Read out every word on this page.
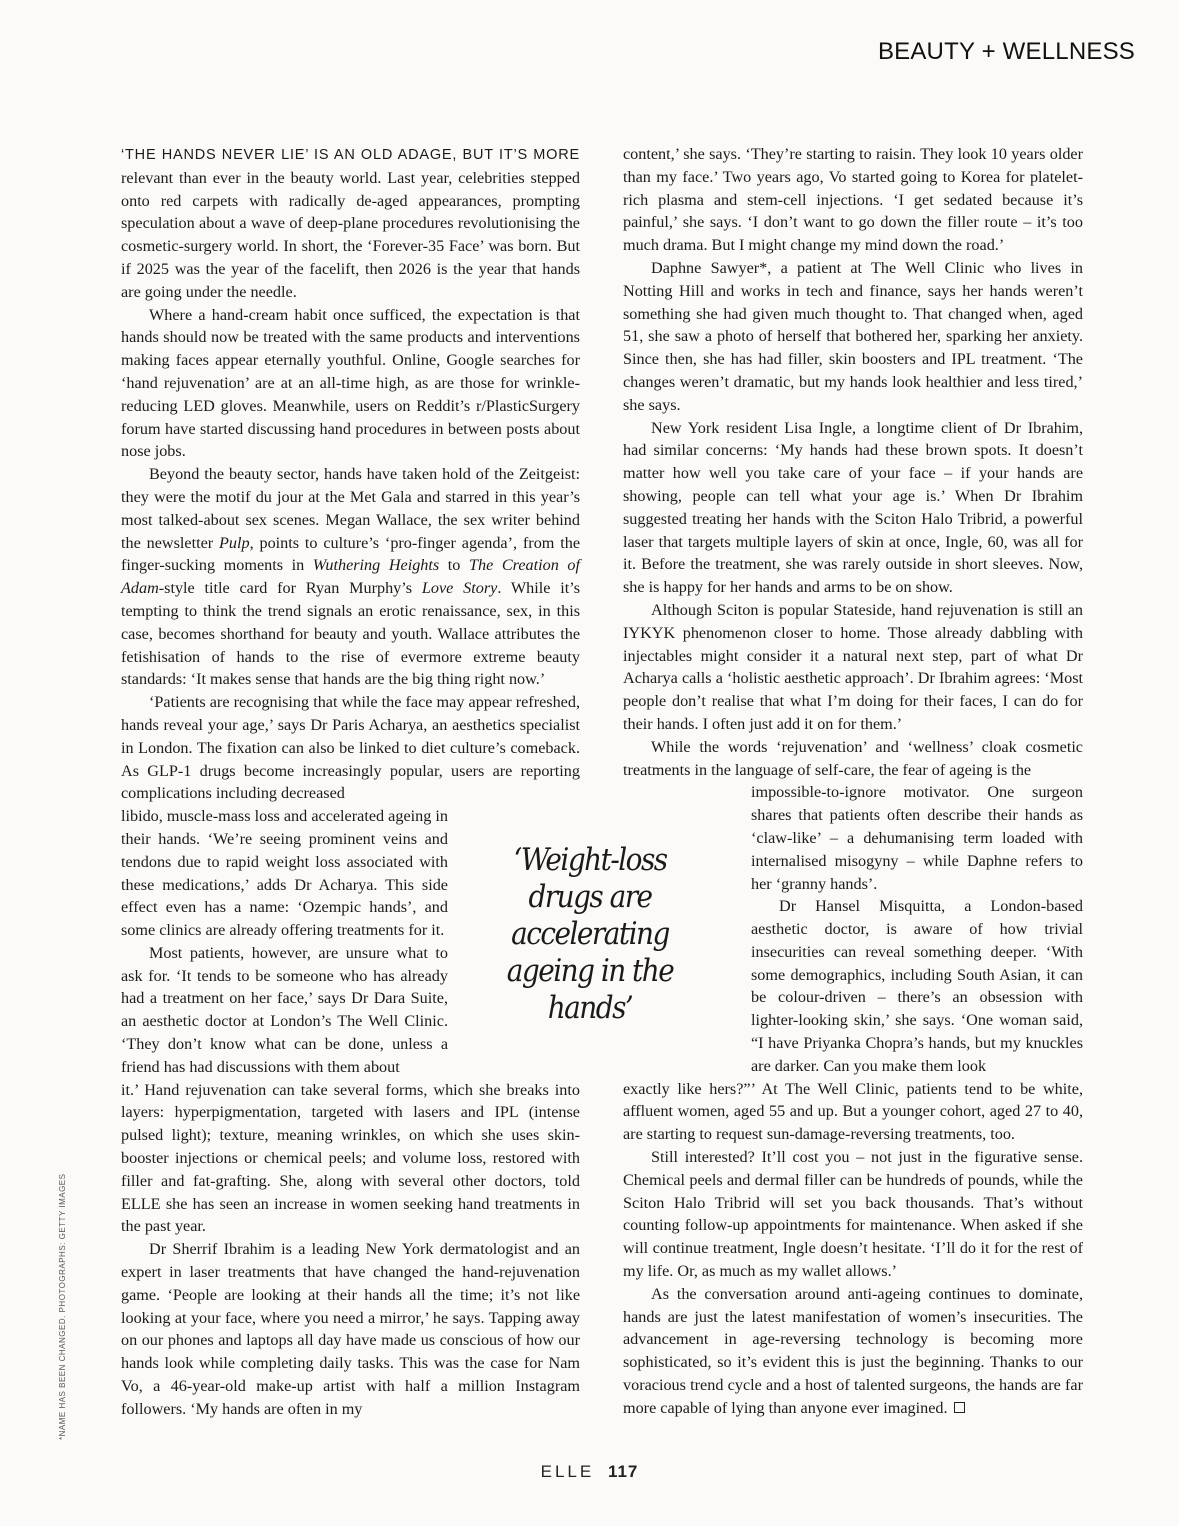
BEAUTY + WELLNESS

‘THE HANDS NEVER LIE’ IS AN OLD ADAGE, BUT IT’S MORE relevant than ever in the beauty world. Last year, celebrities stepped onto red carpets with radically de-aged appearances, prompting speculation about a wave of deep-plane procedures revolutionising the cosmetic-surgery world. In short, the ‘Forever-35 Face’ was born. But if 2025 was the year of the facelift, then 2026 is the year that hands are going under the needle.

Where a hand-cream habit once sufficed, the expectation is that hands should now be treated with the same products and interventions making faces appear eternally youthful. Online, Google searches for ‘hand rejuvenation’ are at an all-time high, as are those for wrinkle-reducing LED gloves. Meanwhile, users on Reddit’s r/PlasticSurgery forum have started discussing hand procedures in between posts about nose jobs.

Beyond the beauty sector, hands have taken hold of the Zeitgeist: they were the motif du jour at the Met Gala and starred in this year’s most talked-about sex scenes. Megan Wallace, the sex writer behind the newsletter Pulp, points to culture’s ‘pro-finger agenda’, from the finger-sucking moments in Wuthering Heights to The Creation of Adam-style title card for Ryan Murphy’s Love Story. While it’s tempting to think the trend signals an erotic renaissance, sex, in this case, becomes shorthand for beauty and youth. Wallace attributes the fetishisation of hands to the rise of evermore extreme beauty standards: ‘It makes sense that hands are the big thing right now.’

‘Patients are recognising that while the face may appear refreshed, hands reveal your age,’ says Dr Paris Acharya, an aesthetics specialist in London. The fixation can also be linked to diet culture’s comeback. As GLP-1 drugs become increasingly popular, users are reporting complications including decreased

libido, muscle-mass loss and accelerated ageing in their hands. ‘We’re seeing prominent veins and tendons due to rapid weight loss associated with these medications,’ adds Dr Acharya. This side effect even has a name: ‘Ozempic hands’, and some clinics are already offering treatments for it.

Most patients, however, are unsure what to ask for. ‘It tends to be someone who has already had a treatment on her face,’ says Dr Dara Suite, an aesthetic doctor at London’s The Well Clinic. ‘They don’t know what can be done, unless a friend has had discussions with them about

it.’ Hand rejuvenation can take several forms, which she breaks into layers: hyperpigmentation, targeted with lasers and IPL (intense pulsed light); texture, meaning wrinkles, on which she uses skin-booster injections or chemical peels; and volume loss, restored with filler and fat-grafting. She, along with several other doctors, told ELLE she has seen an increase in women seeking hand treatments in the past year.

Dr Sherrif Ibrahim is a leading New York dermatologist and an expert in laser treatments that have changed the hand-rejuvenation game. ‘People are looking at their hands all the time; it’s not like looking at your face, where you need a mirror,’ he says. Tapping away on our phones and laptops all day have made us conscious of how our hands look while completing daily tasks. This was the case for Nam Vo, a 46-year-old make-up artist with half a million Instagram followers. ‘My hands are often in my

content,’ she says. ‘They’re starting to raisin. They look 10 years older than my face.’ Two years ago, Vo started going to Korea for platelet-rich plasma and stem-cell injections. ‘I get sedated because it’s painful,’ she says. ‘I don’t want to go down the filler route – it’s too much drama. But I might change my mind down the road.’

Daphne Sawyer*, a patient at The Well Clinic who lives in Notting Hill and works in tech and finance, says her hands weren’t something she had given much thought to. That changed when, aged 51, she saw a photo of herself that bothered her, sparking her anxiety. Since then, she has had filler, skin boosters and IPL treatment. ‘The changes weren’t dramatic, but my hands look healthier and less tired,’ she says.

New York resident Lisa Ingle, a longtime client of Dr Ibrahim, had similar concerns: ‘My hands had these brown spots. It doesn’t matter how well you take care of your face – if your hands are showing, people can tell what your age is.’ When Dr Ibrahim suggested treating her hands with the Sciton Halo Tribrid, a powerful laser that targets multiple layers of skin at once, Ingle, 60, was all for it. Before the treatment, she was rarely outside in short sleeves. Now, she is happy for her hands and arms to be on show.

Although Sciton is popular Stateside, hand rejuvenation is still an IYKYK phenomenon closer to home. Those already dabbling with injectables might consider it a natural next step, part of what Dr Acharya calls a ‘holistic aesthetic approach’. Dr Ibrahim agrees: ‘Most people don’t realise that what I’m doing for their faces, I can do for their hands. I often just add it on for them.’

While the words ‘rejuvenation’ and ‘wellness’ cloak cosmetic treatments in the language of self-care, the fear of ageing is the

impossible-to-ignore motivator. One surgeon shares that patients often describe their hands as ‘claw-like’ – a dehumanising term loaded with internalised misogyny – while Daphne refers to her ‘granny hands’.

Dr Hansel Misquitta, a London-based aesthetic doctor, is aware of how trivial insecurities can reveal something deeper. ‘With some demographics, including South Asian, it can be colour-driven – there’s an obsession with lighter-looking skin,’ she says. ‘One woman said, “I have Priyanka Chopra’s hands, but my knuckles are darker. Can you make them look

exactly like hers?”’ At The Well Clinic, patients tend to be white, affluent women, aged 55 and up. But a younger cohort, aged 27 to 40, are starting to request sun-damage-reversing treatments, too.

Still interested? It’ll cost you – not just in the figurative sense. Chemical peels and dermal filler can be hundreds of pounds, while the Sciton Halo Tribrid will set you back thousands. That’s without counting follow-up appointments for maintenance. When asked if she will continue treatment, Ingle doesn’t hesitate. ‘I’ll do it for the rest of my life. Or, as much as my wallet allows.’

As the conversation around anti-ageing continues to dominate, hands are just the latest manifestation of women’s insecurities. The advancement in age-reversing technology is becoming more sophisticated, so it’s evident this is just the beginning. Thanks to our voracious trend cycle and a host of talented surgeons, the hands are far more capable of lying than anyone ever imagined.

‘Weight-loss drugs are accelerating ageing in the hands’
*NAME HAS BEEN CHANGED. PHOTOGRAPHS: GETTY IMAGES
ELLE 117
